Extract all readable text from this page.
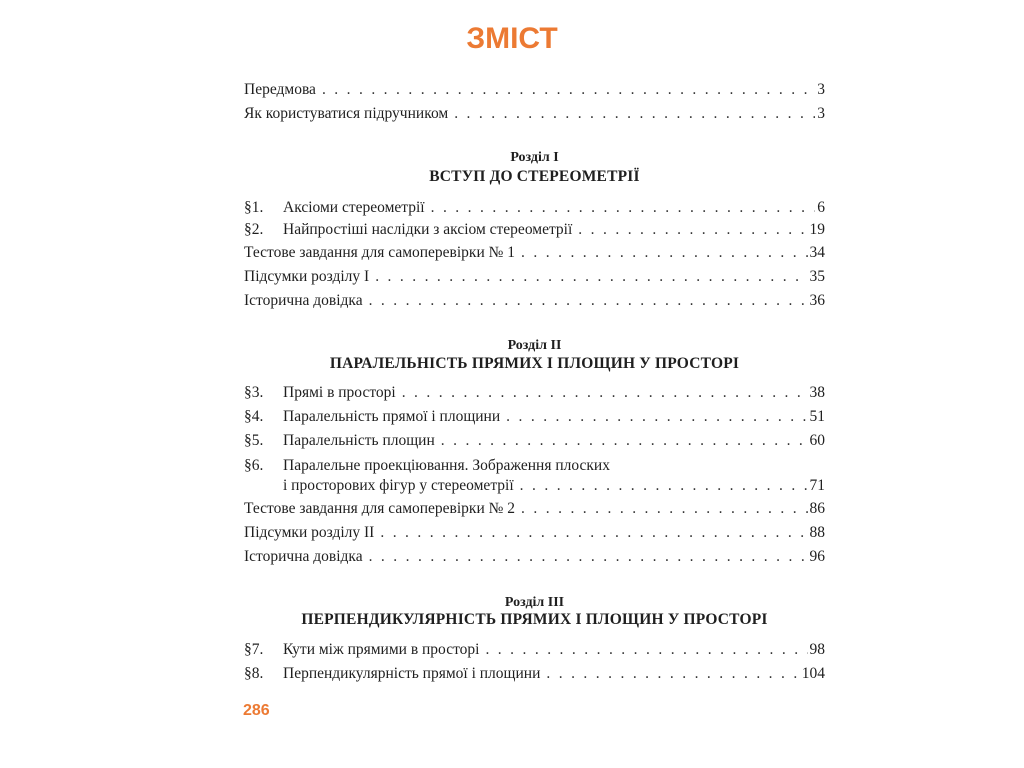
ЗМІСТ
Передмова . . .	3
Як користуватися підручником . . .	3
Розділ I
ВСТУП ДО СТЕРЕОМЕТРІЇ
§1.	Аксіоми стереометрії . . .	6
§2.	Найпростіші наслідки з аксіом стереометрії . . .	19
Тестове завдання для самоперевірки № 1 . . .	34
Підсумки розділу I . . .	35
Історична довідка . . .	36
Розділ II
ПАРАЛЕЛЬНІСТЬ ПРЯМИХ І ПЛОЩИН У ПРОСТОРІ
§3.	Прямі в просторі . . .	38
§4.	Паралельність прямої і площини . . .	51
§5.	Паралельність площин . . .	60
§6.	Паралельне проекціювання. Зображення плоских
і просторових фігур у стереометрії . . .	71
Тестове завдання для самоперевірки № 2 . . .	86
Підсумки розділу II . . .	88
Історична довідка . . .	96
Розділ III
ПЕРПЕНДИКУЛЯРНІСТЬ ПРЯМИХ І ПЛОЩИН У ПРОСТОРІ
§7.	Кути між прямими в просторі . . .	98
§8.	Перпендикулярність прямої і площини . . .	104
286
